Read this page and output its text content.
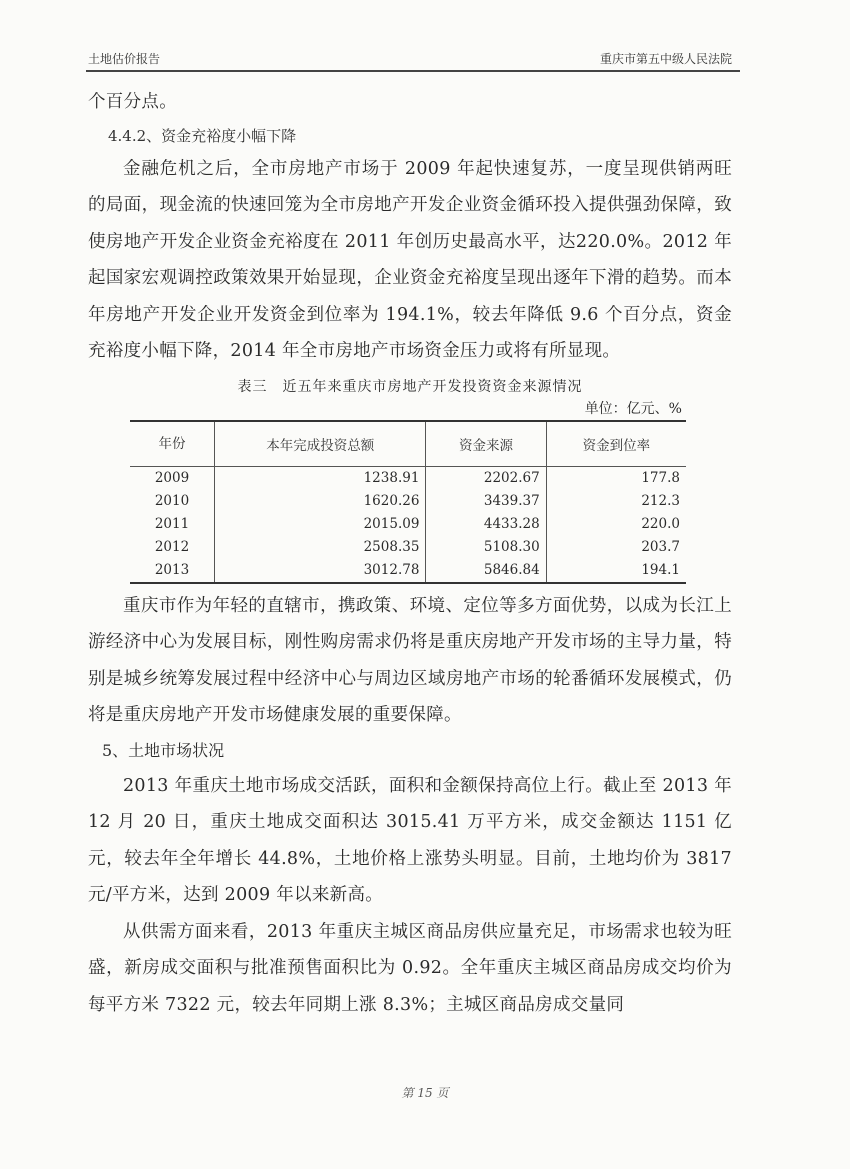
土地估价报告	重庆市第五中级人民法院

个百分点。

4.4.2、资金充裕度小幅下降

金融危机之后，全市房地产市场于 2009 年起快速复苏，一度呈现供销两旺的局面，现金流的快速回笼为全市房地产开发企业资金循环投入提供强劲保障，致使房地产开发企业资金充裕度在 2011 年创历史最高水平，达220.0%。2012 年起国家宏观调控政策效果开始显现，企业资金充裕度呈现出逐年下滑的趋势。而本年房地产开发企业开发资金到位率为 194.1%，较去年降低 9.6 个百分点，资金充裕度小幅下降，2014 年全市房地产市场资金压力或将有所显现。

表三　近五年来重庆市房地产开发投资资金来源情况

单位：亿元、%

年份	本年完成投资总额	资金来源	资金到位率
2009	1238.91	2202.67	177.8
2010	1620.26	3439.37	212.3
2011	2015.09	4433.28	220.0
2012	2508.35	5108.30	203.7
2013	3012.78	5846.84	194.1

重庆市作为年轻的直辖市，携政策、环境、定位等多方面优势，以成为长江上游经济中心为发展目标，刚性购房需求仍将是重庆房地产开发市场的主导力量，特别是城乡统筹发展过程中经济中心与周边区域房地产市场的轮番循环发展模式，仍将是重庆房地产开发市场健康发展的重要保障。

5、土地市场状况

2013 年重庆土地市场成交活跃，面积和金额保持高位上行。截止至 2013 年 12 月 20 日，重庆土地成交面积达 3015.41 万平方米，成交金额达 1151 亿元，较去年全年增长 44.8%，土地价格上涨势头明显。目前，土地均价为 3817 元/平方米，达到 2009 年以来新高。

从供需方面来看，2013 年重庆主城区商品房供应量充足，市场需求也较为旺盛，新房成交面积与批准预售面积比为 0.92。全年重庆主城区商品房成交均价为每平方米 7322 元，较去年同期上涨 8.3%；主城区商品房成交量同

第 15 页
